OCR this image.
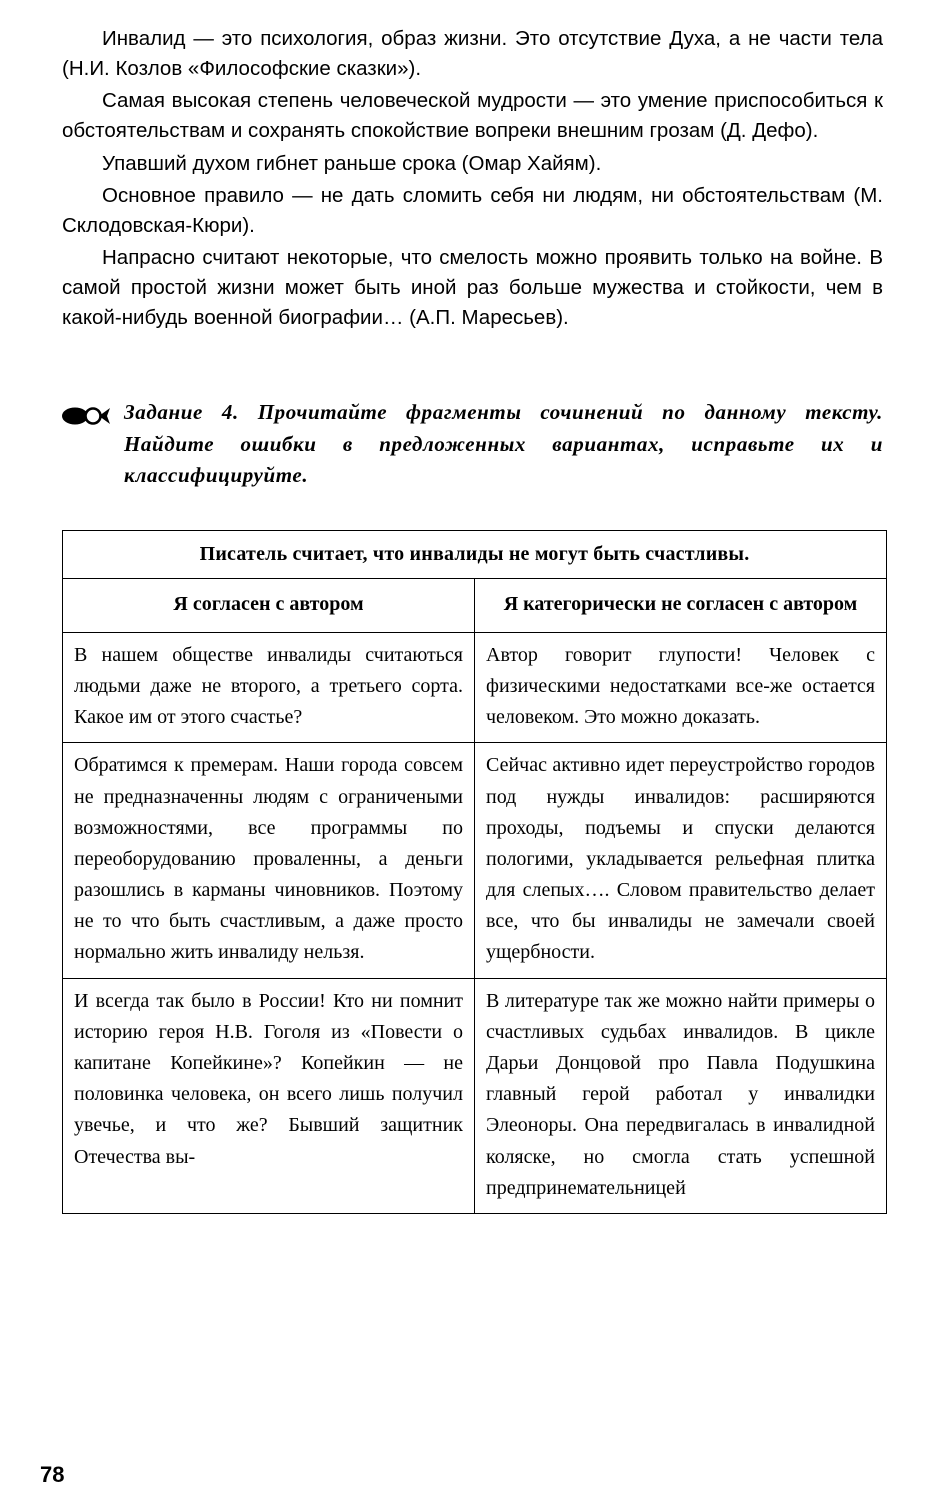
Инвалид — это психология, образ жизни. Это отсутствие Духа, а не части тела (Н.И. Козлов «Философские сказки»).

Самая высокая степень человеческой мудрости — это умение приспособиться к обстоятельствам и сохранять спокойствие вопреки внешним грозам (Д. Дефо).

Упавший духом гибнет раньше срока (Омар Хайям).

Основное правило — не дать сломить себя ни людям, ни обстоятельствам (М. Склодовская-Кюри).

Напрасно считают некоторые, что смелость можно проявить только на войне. В самой простой жизни может быть иной раз больше мужества и стойкости, чем в какой-нибудь военной биографии… (А.П. Маресьев).

Задание 4. Прочитайте фрагменты сочинений по данному тексту. Найдите ошибки в предложенных вариантах, исправьте их и классифицируйте.
Писатель считает, что инвалиды не могут быть счастливы.	
Я согласен с автором	Я категорически не согласен с автором
В нашем обществе инвалиды считаються людьми даже не второго, а третьего сорта. Какое им от этого счастье?	Автор говорит глупости! Человек с физическими недостатками все-же остается человеком. Это можно доказать.
Обратимся к премерам. Наши города совсем не предназначенны людям с ограничеными возможностями, все программы по переоборудованию проваленны, а деньги разошлись в карманы чиновников. Поэтому не то что быть счастливым, а даже просто нормально жить инвалиду нельзя.	Сейчас активно идет переустройство городов под нужды инвалидов: расширяются проходы, подъемы и спуски делаются пологими, укладывается рельефная плитка для слепых…. Словом правительство делает все, что бы инвалиды не замечали своей ущербности.
И всегда так было в России! Кто ни помнит историю героя Н.В. Гоголя из «Повести о капитане Копейкине»? Копейкин — не половинка человека, он всего лишь получил увечье, и что же? Бывший защитник Отечества вы-	В литературе так же можно найти примеры о счастливых судьбах инвалидов. В цикле Дарьи Донцовой про Павла Подушкина главный герой работал у инвалидки Элеоноры. Она передвигалась в инвалидной коляске, но смогла стать успешной предпринемательницей
78
